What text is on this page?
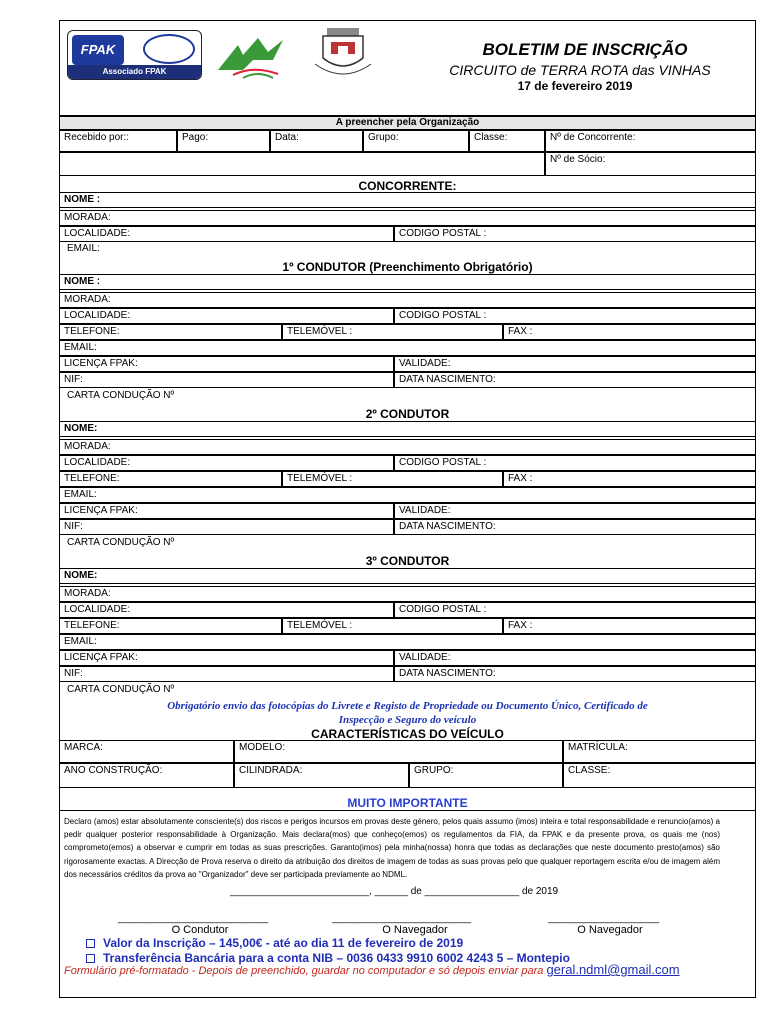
FPAK
Associado FPAK
BOLETIM DE INSCRIÇÃO
CIRCUITO de TERRA ROTA das VINHAS
17 de fevereiro 2019
A preencher pela Organização
Recebido por::	Pago:	Data:	Grupo:	Classe:	Nº de Concorrente:
Nº de Sócio:
CONCORRENTE:
NOME :
MORADA:
LOCALIDADE:	CODIGO POSTAL :
EMAIL:
1º CONDUTOR (Preenchimento Obrigatório)
NOME :
MORADA:
LOCALIDADE:	CODIGO POSTAL :
TELEFONE:	TELEMÓVEL :	FAX :
EMAIL:
LICENÇA FPAK:	VALIDADE:
NIF:	DATA NASCIMENTO:
CARTA CONDUÇÃO Nº
2º CONDUTOR
NOME:
MORADA:
LOCALIDADE:	CODIGO POSTAL :
TELEFONE:	TELEMÓVEL :	FAX :
EMAIL:
LICENÇA FPAK:	VALIDADE:
NIF:	DATA NASCIMENTO:
CARTA CONDUÇÃO Nº
3º CONDUTOR
NOME:
MORADA:
LOCALIDADE:	CODIGO POSTAL :
TELEFONE:	TELEMÓVEL :	FAX :
EMAIL:
LICENÇA FPAK:	VALIDADE:
NIF:	DATA NASCIMENTO:
CARTA CONDUÇÃO Nº
Obrigatório envio das fotocópias do Livrete e Registo de Propriedade ou Documento Único, Certificado de
Inspecção e Seguro do veículo
CARACTERÍSTICAS DO VEÍCULO
MARCA:	MODELO:	MATRÍCULA:
ANO CONSTRUÇÃO:	CILINDRADA:	GRUPO:	CLASSE:
MUITO IMPORTANTE
Declaro (amos) estar absolutamente consciente(s) dos riscos e perigos incursos em provas deste género, pelos quais assumo (imos) inteira e total responsabilidade e renuncio(amos) a pedir qualquer posterior responsabilidade à Organização. Mais declara(mos) que conheço(emos) os regulamentos da FIA, da FPAK e da presente prova, os quais me (nos) comprometo(emos) a observar e cumprir em todas as suas prescrições. Garanto(imos) pela minha(nossa) honra que todas as declarações que neste documento presto(amos) são rigorosamente exactas. A Direcção de Prova reserva o direito da atribuição dos direitos de imagem de todas as suas provas pelo que qualquer reportagem escrita e/ou de imagem além dos necessários créditos da prova ao "Organizador" deve ser participada previamente ao NDML.
_________________________, ______ de _________________ de 2019
___________________________	_________________________	____________________
O Condutor	O Navegador	O Navegador
Valor da Inscrição – 145,00€ - até ao dia 11 de fevereiro de 2019
Transferência Bancária para a conta NIB – 0036 0433 9910 6002 4243 5 – Montepio
Formulário pré-formatado - Depois de preenchido, guardar no computador e só depois enviar para geral.ndml@gmail.com
